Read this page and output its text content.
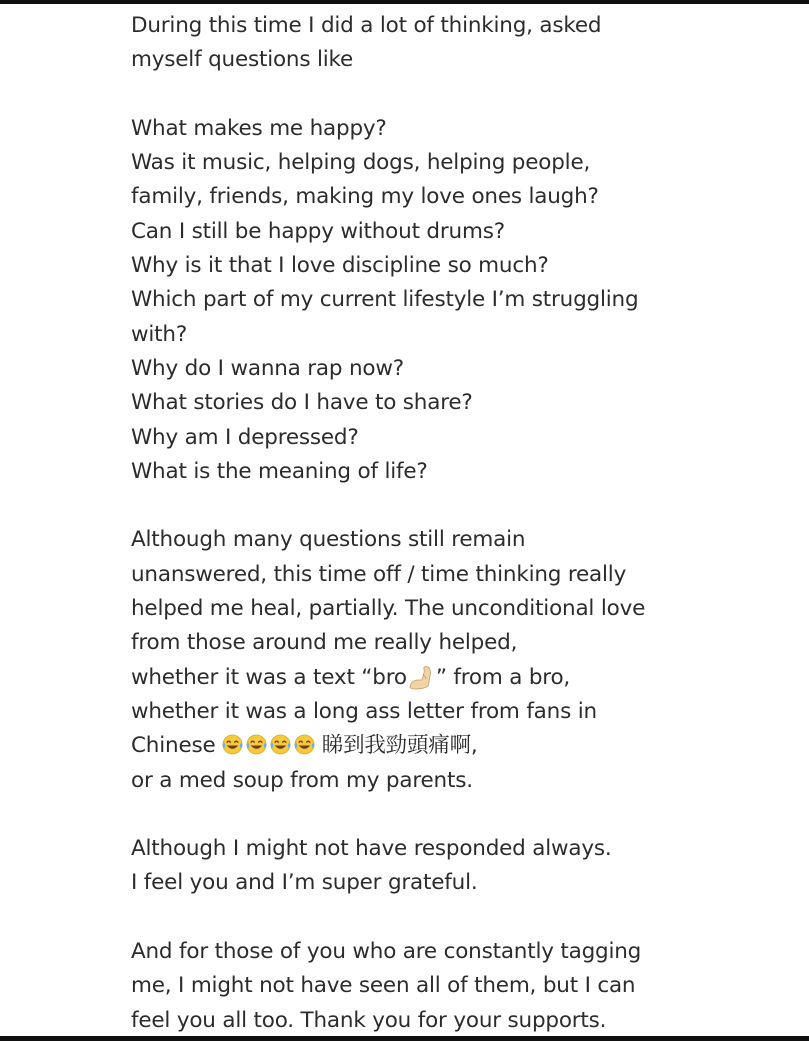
During this time I did a lot of thinking, asked
myself questions like
What makes me happy?
Was it music, helping dogs, helping people,
family, friends, making my love ones laugh?
Can I still be happy without drums?
Why is it that I love discipline so much?
Which part of my current lifestyle I’m struggling
with?
Why do I wanna rap now?
What stories do I have to share?
Why am I depressed?
What is the meaning of life?
Although many questions still remain
unanswered, this time off / time thinking really
helped me heal, partially. The unconditional love
from those around me really helped,
whether it was a text “bro ” from a bro,
whether it was a long ass letter from fans in
Chinese	睇到我勁頭痛啊,
or a med soup from my parents.
Although I might not have responded always.
I feel you and I’m super grateful.
And for those of you who are constantly tagging
me, I might not have seen all of them, but I can
feel you all too. Thank you for your supports.
